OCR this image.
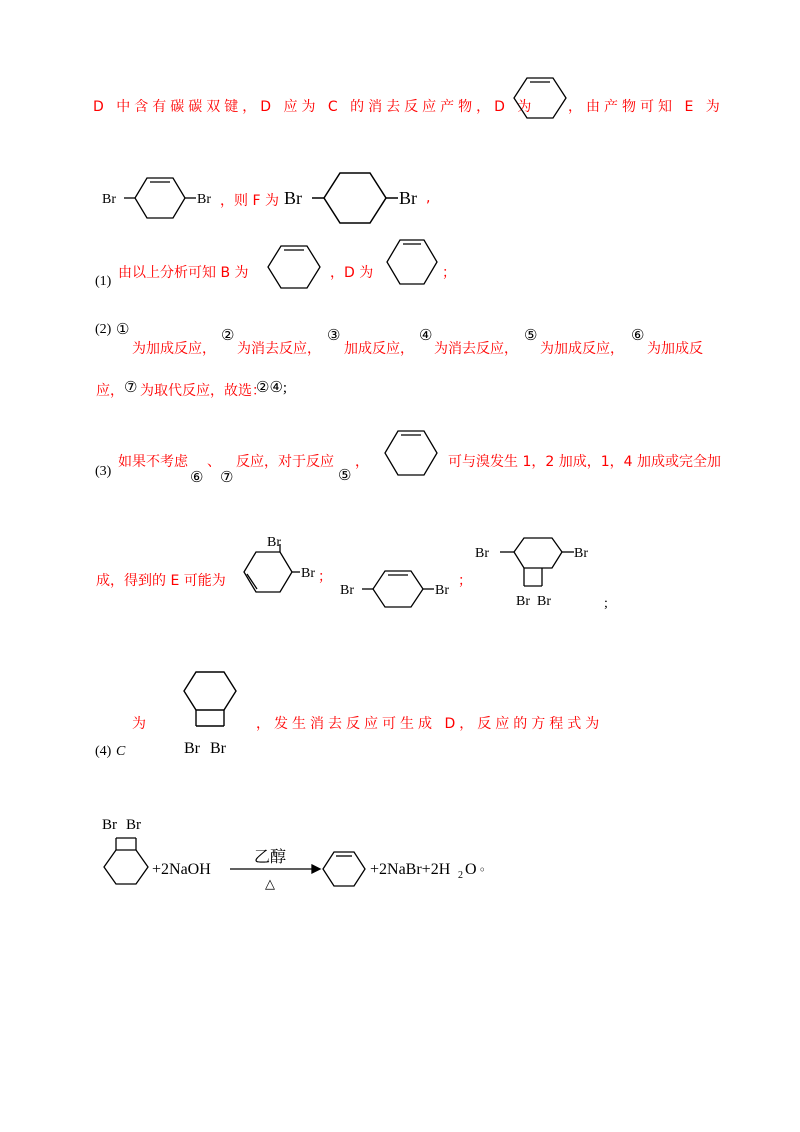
D 中含有碳碳双键，D 应为 C 的消去反应产物，D 为 ，由产物可知 E 为
Br	Br ，则 F 为 Br	Br ,
(1)
由以上分析可知 B 为	，D 为	；
(2) ①
为加成反应，
②
为消去反应，
③
加成反应，
④
为消去反应，
⑤
为加成反应，
⑥
为加成反
应， ⑦ 为取代反应，故选：
②④;
(3)
如果不考虑
⑥
、
⑦
反应，对于反应
⑤
，	可与溴发生 1，2 加成，1，4 加成或完全加
成，得到的 E 可能为
Br
Br ；
Br	Br
；
Br	Br
Br Br	;
为
(4) C	Br Br
，发生消去反应可生成 D，反应的方程式为
Br Br
+2NaOH
乙醇
△
+2NaBr+2H 2 O 。
